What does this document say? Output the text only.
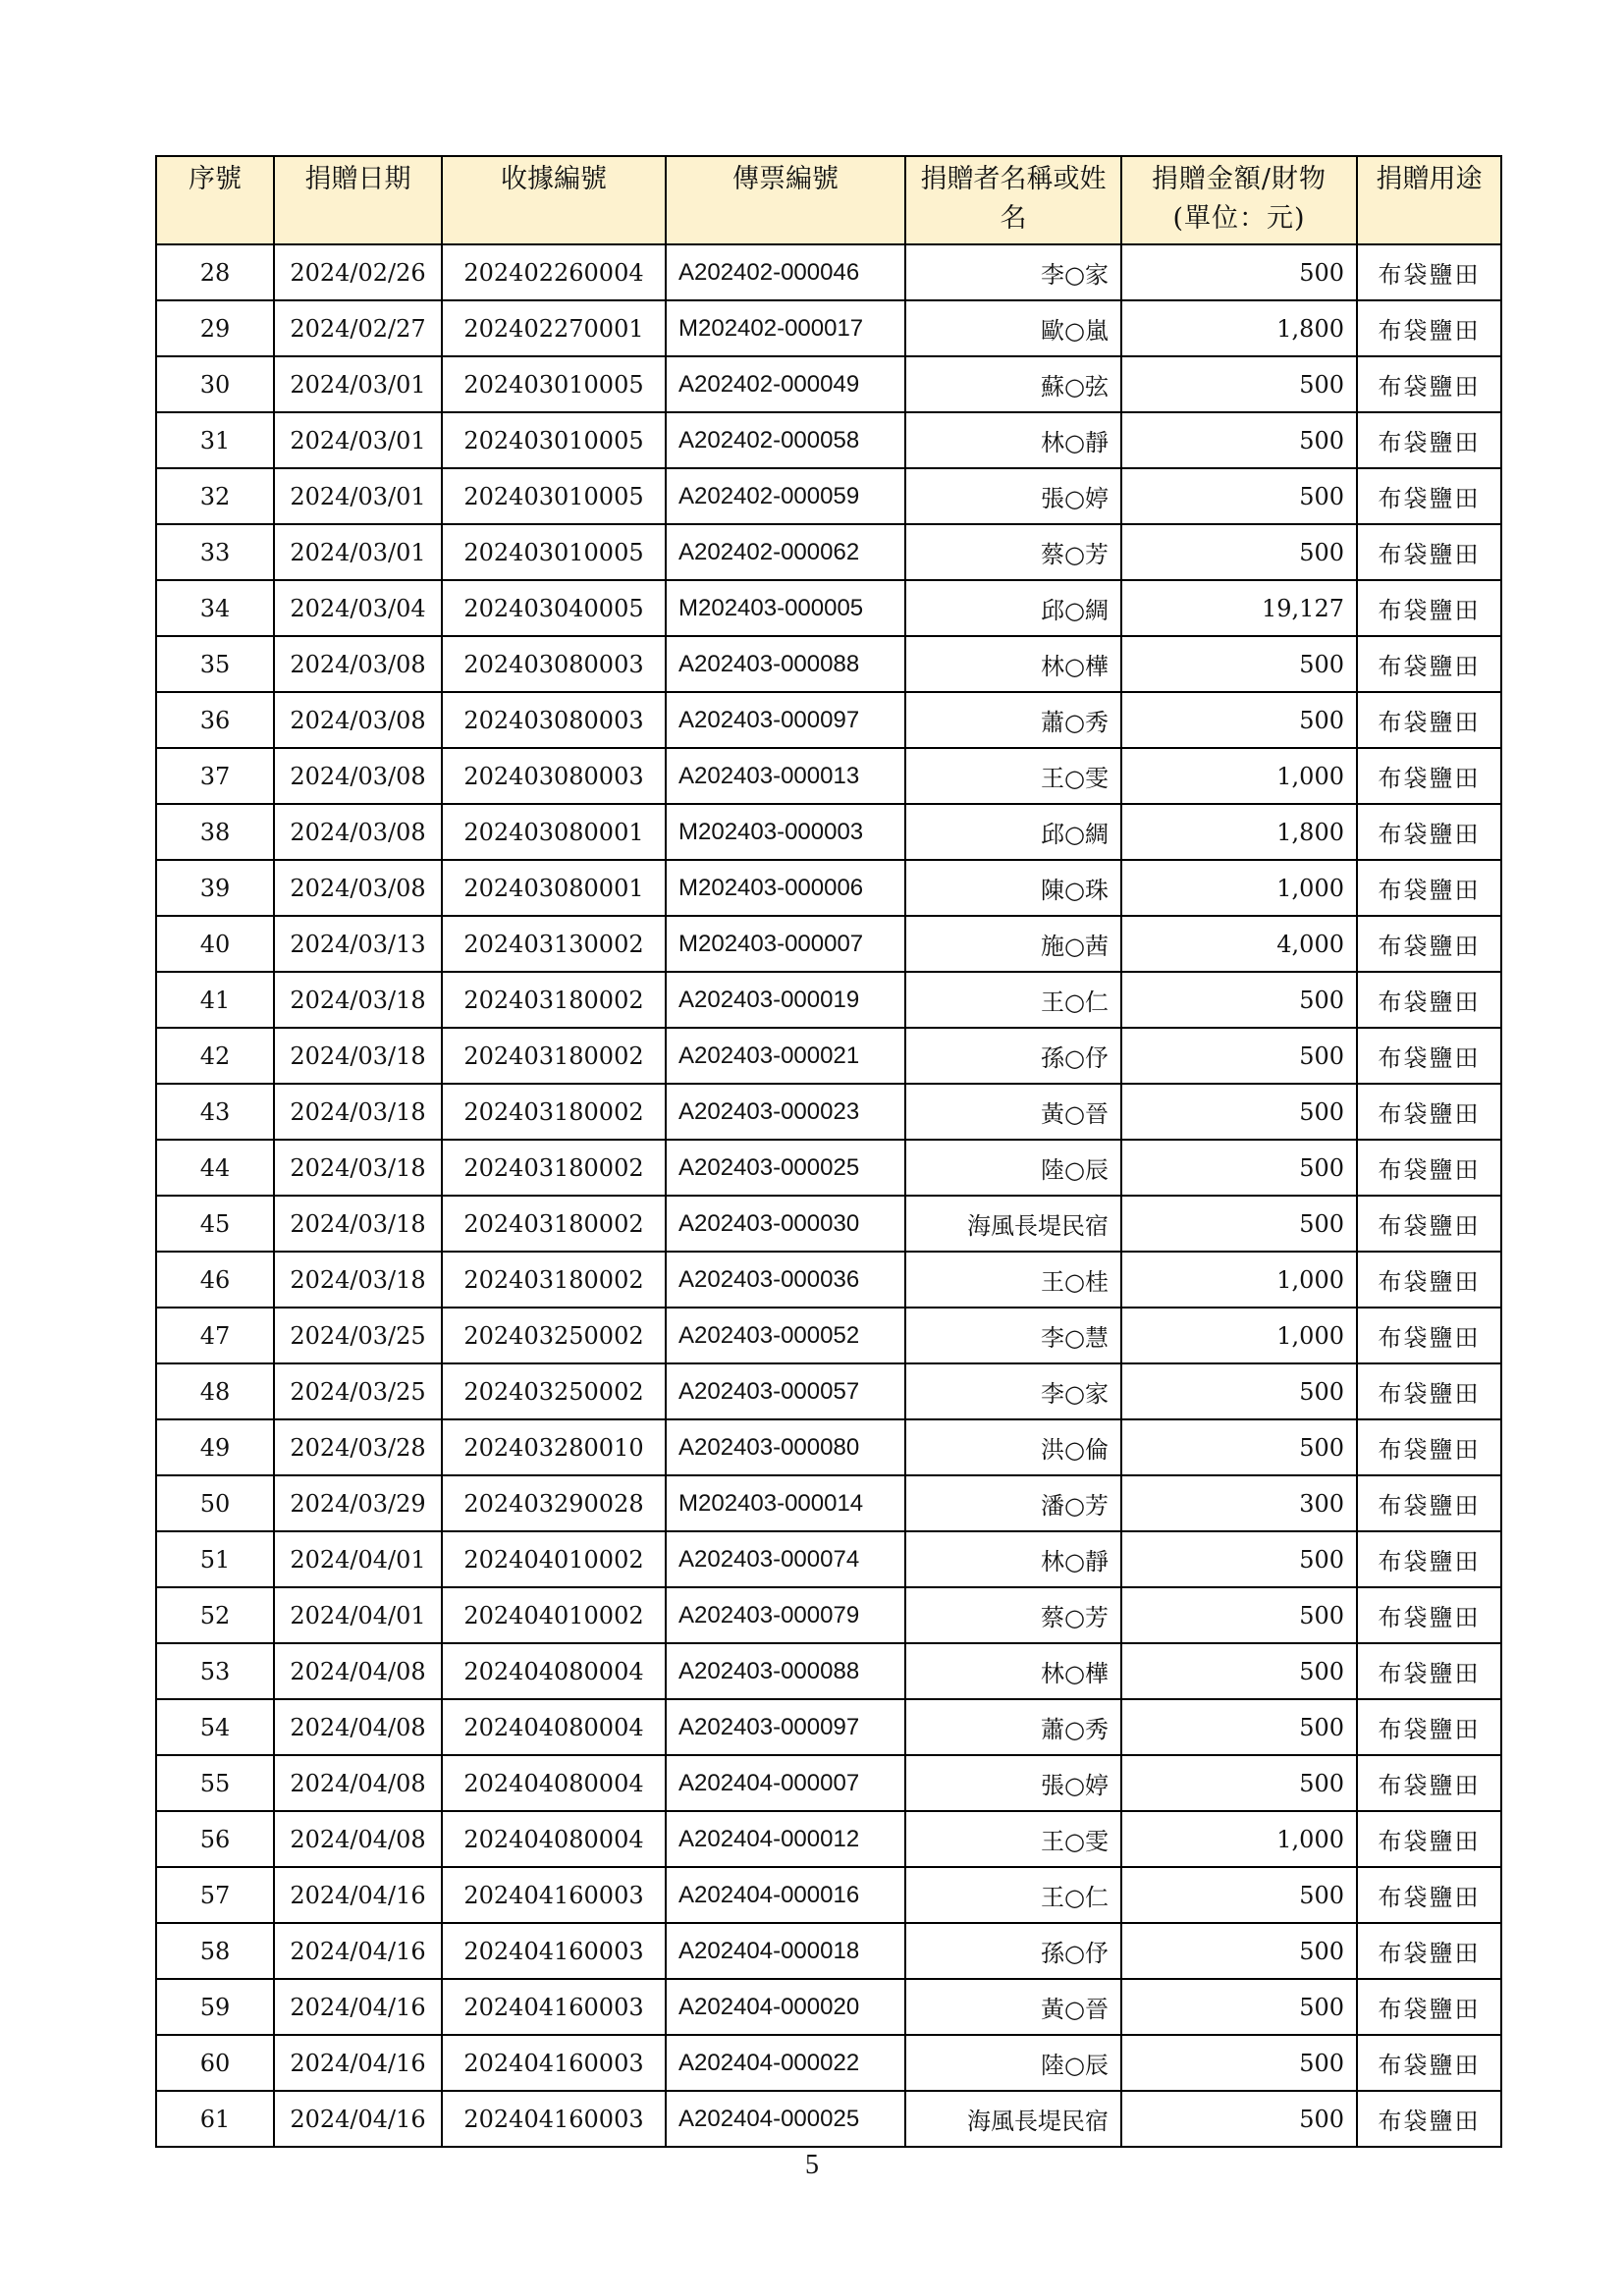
序號	捐贈日期	收據編號	傳票編號	捐贈者名稱或姓名	捐贈金額/財物(單位：元)	捐贈用途
28	2024/02/26	202402260004	A202402-000046	李○家	500	布袋鹽田
29	2024/02/27	202402270001	M202402-000017	歐○嵐	1,800	布袋鹽田
30	2024/03/01	202403010005	A202402-000049	蘇○弦	500	布袋鹽田
31	2024/03/01	202403010005	A202402-000058	林○靜	500	布袋鹽田
32	2024/03/01	202403010005	A202402-000059	張○婷	500	布袋鹽田
33	2024/03/01	202403010005	A202402-000062	蔡○芳	500	布袋鹽田
34	2024/03/04	202403040005	M202403-000005	邱○綢	19,127	布袋鹽田
35	2024/03/08	202403080003	A202403-000088	林○樺	500	布袋鹽田
36	2024/03/08	202403080003	A202403-000097	蕭○秀	500	布袋鹽田
37	2024/03/08	202403080003	A202403-000013	王○雯	1,000	布袋鹽田
38	2024/03/08	202403080001	M202403-000003	邱○綢	1,800	布袋鹽田
39	2024/03/08	202403080001	M202403-000006	陳○珠	1,000	布袋鹽田
40	2024/03/13	202403130002	M202403-000007	施○茜	4,000	布袋鹽田
41	2024/03/18	202403180002	A202403-000019	王○仁	500	布袋鹽田
42	2024/03/18	202403180002	A202403-000021	孫○伃	500	布袋鹽田
43	2024/03/18	202403180002	A202403-000023	黃○晉	500	布袋鹽田
44	2024/03/18	202403180002	A202403-000025	陸○辰	500	布袋鹽田
45	2024/03/18	202403180002	A202403-000030	海風長堤民宿	500	布袋鹽田
46	2024/03/18	202403180002	A202403-000036	王○桂	1,000	布袋鹽田
47	2024/03/25	202403250002	A202403-000052	李○慧	1,000	布袋鹽田
48	2024/03/25	202403250002	A202403-000057	李○家	500	布袋鹽田
49	2024/03/28	202403280010	A202403-000080	洪○倫	500	布袋鹽田
50	2024/03/29	202403290028	M202403-000014	潘○芳	300	布袋鹽田
51	2024/04/01	202404010002	A202403-000074	林○靜	500	布袋鹽田
52	2024/04/01	202404010002	A202403-000079	蔡○芳	500	布袋鹽田
53	2024/04/08	202404080004	A202403-000088	林○樺	500	布袋鹽田
54	2024/04/08	202404080004	A202403-000097	蕭○秀	500	布袋鹽田
55	2024/04/08	202404080004	A202404-000007	張○婷	500	布袋鹽田
56	2024/04/08	202404080004	A202404-000012	王○雯	1,000	布袋鹽田
57	2024/04/16	202404160003	A202404-000016	王○仁	500	布袋鹽田
58	2024/04/16	202404160003	A202404-000018	孫○伃	500	布袋鹽田
59	2024/04/16	202404160003	A202404-000020	黃○晉	500	布袋鹽田
60	2024/04/16	202404160003	A202404-000022	陸○辰	500	布袋鹽田
61	2024/04/16	202404160003	A202404-000025	海風長堤民宿	500	布袋鹽田
5
